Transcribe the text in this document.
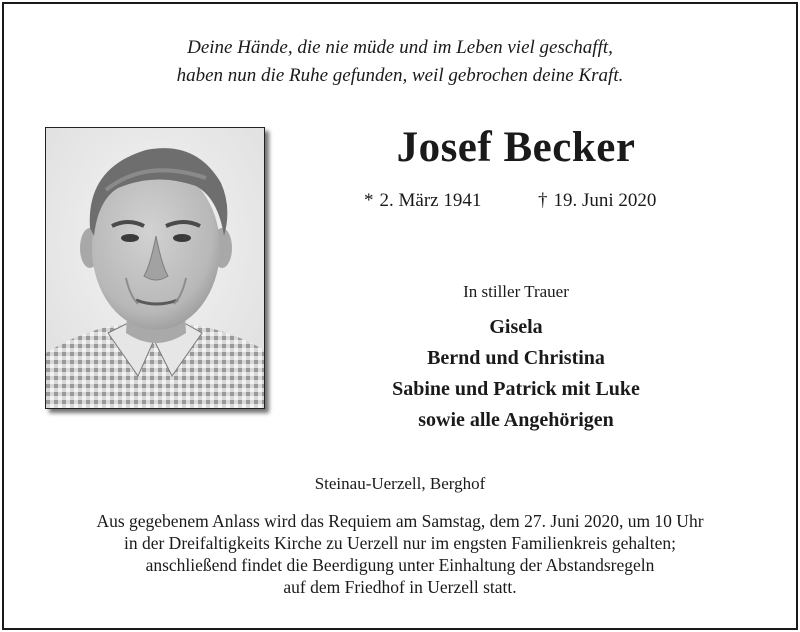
Deine Hände, die nie müde und im Leben viel geschafft,
haben nun die Ruhe gefunden, weil gebrochen deine Kraft.
Josef Becker
* 2. März 1941	† 19. Juni 2020
In stiller Trauer
Gisela
Bernd und Christina
Sabine und Patrick mit Luke
sowie alle Angehörigen
Steinau-Uerzell, Berghof
Aus gegebenem Anlass wird das Requiem am Samstag, dem 27. Juni 2020, um 10 Uhr
in der Dreifaltigkeits Kirche zu Uerzell nur im engsten Familienkreis gehalten;
anschließend findet die Beerdigung unter Einhaltung der Abstandsregeln
auf dem Friedhof in Uerzell statt.
